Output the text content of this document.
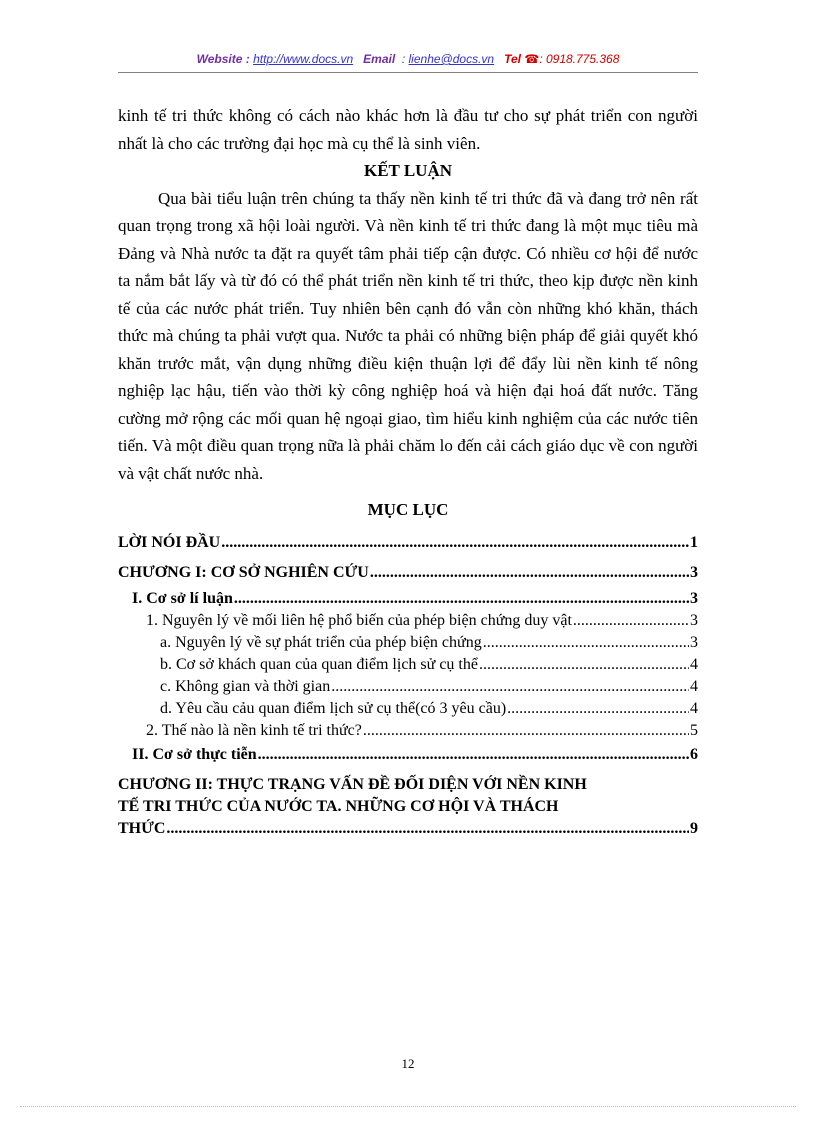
Website : http://www.docs.vn Email : lienhe@docs.vn Tel ☎: 0918.775.368

kinh tế tri thức không có cách nào khác hơn là đầu tư cho sự phát triển con người nhất là cho các trường đại học mà cụ thể là sinh viên.

KẾT LUẬN

Qua bài tiểu luận trên chúng ta thấy nền kinh tế tri thức đã và đang trở nên rất quan trọng trong xã hội loài người. Và nền kinh tế tri thức đang là một mục tiêu mà Đảng và Nhà nước ta đặt ra quyết tâm phải tiếp cận được. Có nhiều cơ hội để nước ta nắm bắt lấy và từ đó có thể phát triển nền kinh tế tri thức, theo kịp được nền kinh tế của các nước phát triển. Tuy nhiên bên cạnh đó vẫn còn những khó khăn, thách thức mà chúng ta phải vượt qua. Nước ta phải có những biện pháp để giải quyết khó khăn trước mắt, vận dụng những điều kiện thuận lợi để đẩy lùi nền kinh tế nông nghiệp lạc hậu, tiến vào thời kỳ công nghiệp hoá và hiện đại hoá đất nước. Tăng cường mở rộng các mối quan hệ ngoại giao, tìm hiểu kinh nghiệm của các nước tiên tiến. Và một điều quan trọng nữa là phải chăm lo đến cải cách giáo dục về con người và vật chất nước nhà.

MỤC LỤC

LỜI NÓI ĐẦU .....	1
CHƯƠNG I: CƠ SỞ NGHIÊN CỨU .....	3
I. Cơ sở lí luận .....	3
1. Nguyên lý về mối liên hệ phổ biến của phép biện chứng duy vật .....	3
a. Nguyên lý về sự phát triển của phép biện chứng .....	3
b. Cơ sở khách quan của quan điểm lịch sử cụ thể .....	4
c. Không gian và thời gian .....	4
d. Yêu cầu cảu quan điểm lịch sử cụ thể(có 3 yêu cầu) .....	4
2. Thế nào là nền kinh tế tri thức? .....	5
II. Cơ sở thực tiễn .....	6
CHƯƠNG II: THỰC TRẠNG VẤN ĐỀ ĐỐI DIỆN VỚI NỀN KINH
TẾ TRI THỨC CỦA NƯỚC TA. NHỮNG CƠ HỘI VÀ THÁCH
THỨC .....	9
12
